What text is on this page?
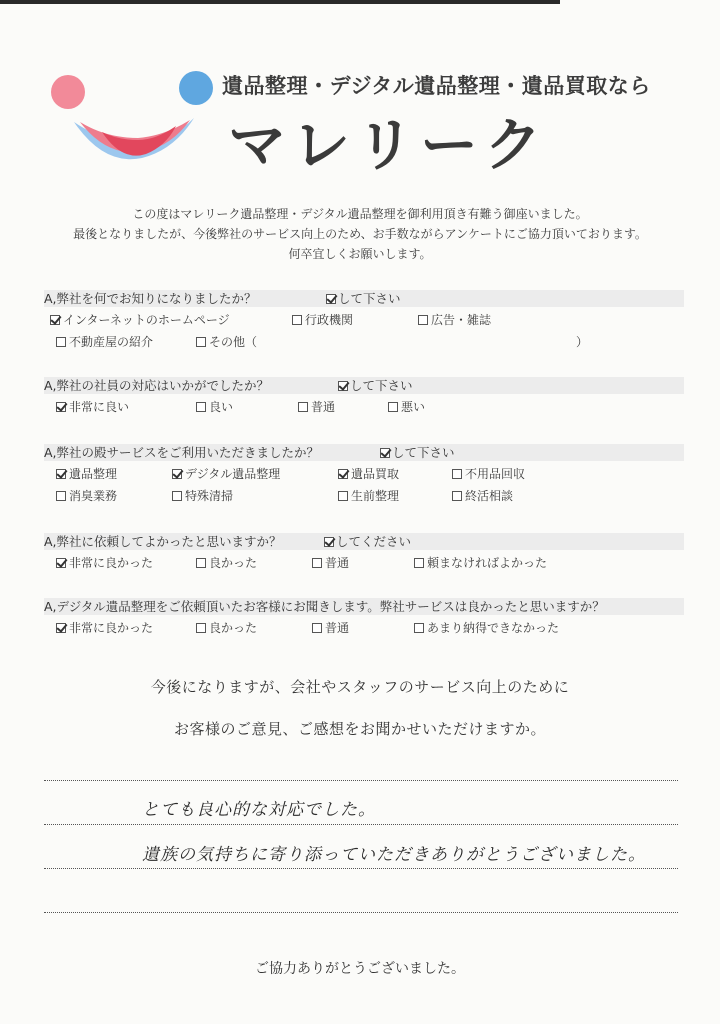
遺品整理・デジタル遺品整理・遺品買取なら
マレリーク
この度はマレリーク遺品整理・デジタル遺品整理を御利用頂き有難う御座いました。
最後となりましたが、今後弊社のサービス向上のため、お手数ながらアンケートにご協力頂いております。
何卒宜しくお願いします。
A,弊社を何でお知りになりましたか？	して下さい
インターネットのホームページ	行政機関	広告・雑誌
不動産屋の紹介	その他（	）
A,弊社の社員の対応はいかがでしたか？	して下さい
非常に良い	良い	普通	悪い
A,弊社の殿サービスをご利用いただきましたか？	して下さい
遺品整理	デジタル遺品整理	遺品買取	不用品回収
消臭業務	特殊清掃	生前整理	終活相談
A,弊社に依頼してよかったと思いますか？	してください
非常に良かった	良かった	普通	頼まなければよかった
A,デジタル遺品整理をご依頼頂いたお客様にお聞きします。弊社サービスは良かったと思いますか？
非常に良かった	良かった	普通	あまり納得できなかった
今後になりますが、会社やスタッフのサービス向上のために
お客様のご意見、ご感想をお聞かせいただけますか。
とても良心的な対応でした。
遺族の気持ちに寄り添っていただきありがとうございました。
ご協力ありがとうございました。
